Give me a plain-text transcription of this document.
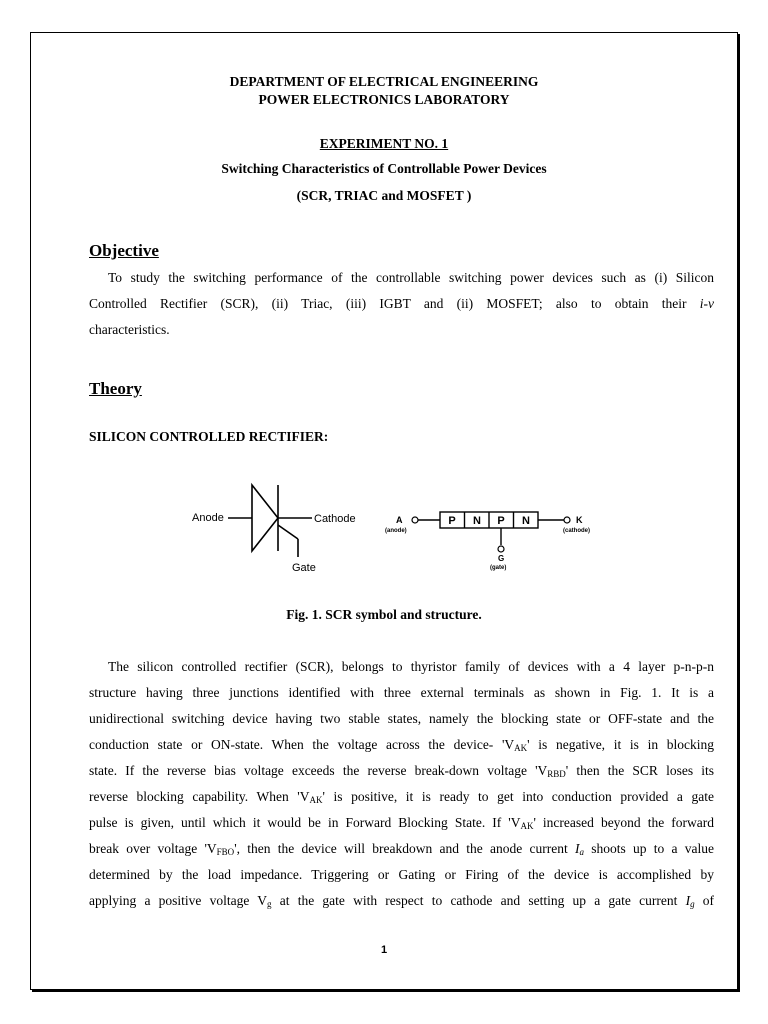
DEPARTMENT OF ELECTRICAL ENGINEERING
POWER ELECTRONICS LABORATORY
EXPERIMENT NO. 1
Switching Characteristics of Controllable Power Devices
(SCR, TRIAC and MOSFET )
Objective
To study the switching performance of the controllable switching power devices such as (i) Silicon
Controlled Rectifier (SCR), (ii) Triac, (iii) IGBT and (ii) MOSFET; also to obtain their i-v
characteristics.
Theory
SILICON CONTROLLED RECTIFIER:
Anode	Cathode
Gate
P N P N
A
(anode)
K
(cathode)
G
(gate)
Fig. 1. SCR symbol and structure.
The silicon controlled rectifier (SCR), belongs to thyristor family of devices with a 4 layer p-n-p-n
structure having three junctions identified with three external terminals as shown in Fig. 1. It is a
unidirectional switching device having two stable states, namely the blocking state or OFF-state and the
conduction state or ON-state. When the voltage across the device- '$V_{AK}$' is negative, it is in blocking
state. If the reverse bias voltage exceeds the reverse break-down voltage '$V_{RBD}$' then the SCR loses its
reverse blocking capability. When '$V_{AK}$' is positive, it is ready to get into conduction provided a gate
pulse is given, until which it would be in Forward Blocking State. If '$V_{AK}$' increased beyond the forward
break over voltage '$V_{FBO}$', then the device will breakdown and the anode current $I_a$ shoots up to a value
determined by the load impedance. Triggering or Gating or Firing of the device is accomplished by
applying a positive voltage $V_g$ at the gate with respect to cathode and setting up a gate current $I_g$ of
1
